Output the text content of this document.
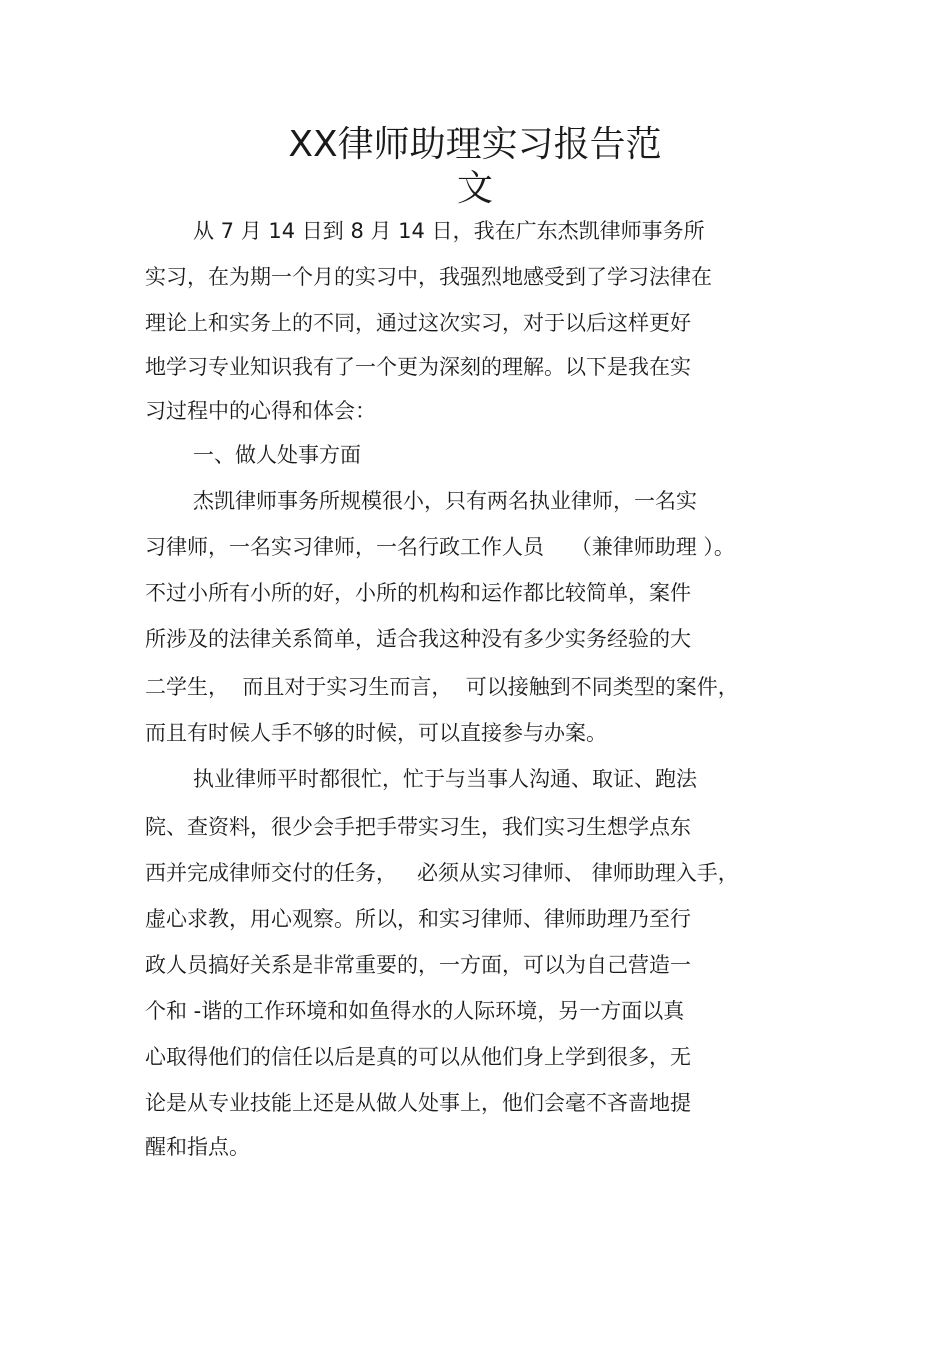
XX律师助理实习报告范
文
从 7 月 14 日到 8 月 14 日，我在广东杰凯律师事务所
实习，在为期一个月的实习中，我强烈地感受到了学习法律在
理论上和实务上的不同，通过这次实习，对于以后这样更好
地学习专业知识我有了一个更为深刻的理解。以下是我在实
习过程中的心得和体会：
一、做人处事方面
杰凯律师事务所规模很小，只有两名执业律师，一名实
习律师，一名实习律师，一名行政工作人员    （兼律师助理 ）。
不过小所有小所的好，小所的机构和运作都比较简单，案件
所涉及的法律关系简单，适合我这种没有多少实务经验的大
二学生，  而且对于实习生而言，  可以接触到不同类型的案件，
而且有时候人手不够的时候，可以直接参与办案。
执业律师平时都很忙，忙于与当事人沟通、取证、跑法
院、查资料，很少会手把手带实习生，我们实习生想学点东
西并完成律师交付的任务，   必须从实习律师、 律师助理入手，
虚心求教，用心观察。所以，和实习律师、律师助理乃至行
政人员搞好关系是非常重要的，一方面，可以为自己营造一
个和 -谐的工作环境和如鱼得水的人际环境，另一方面以真
心取得他们的信任以后是真的可以从他们身上学到很多，无
论是从专业技能上还是从做人处事上，他们会毫不吝啬地提
醒和指点。
